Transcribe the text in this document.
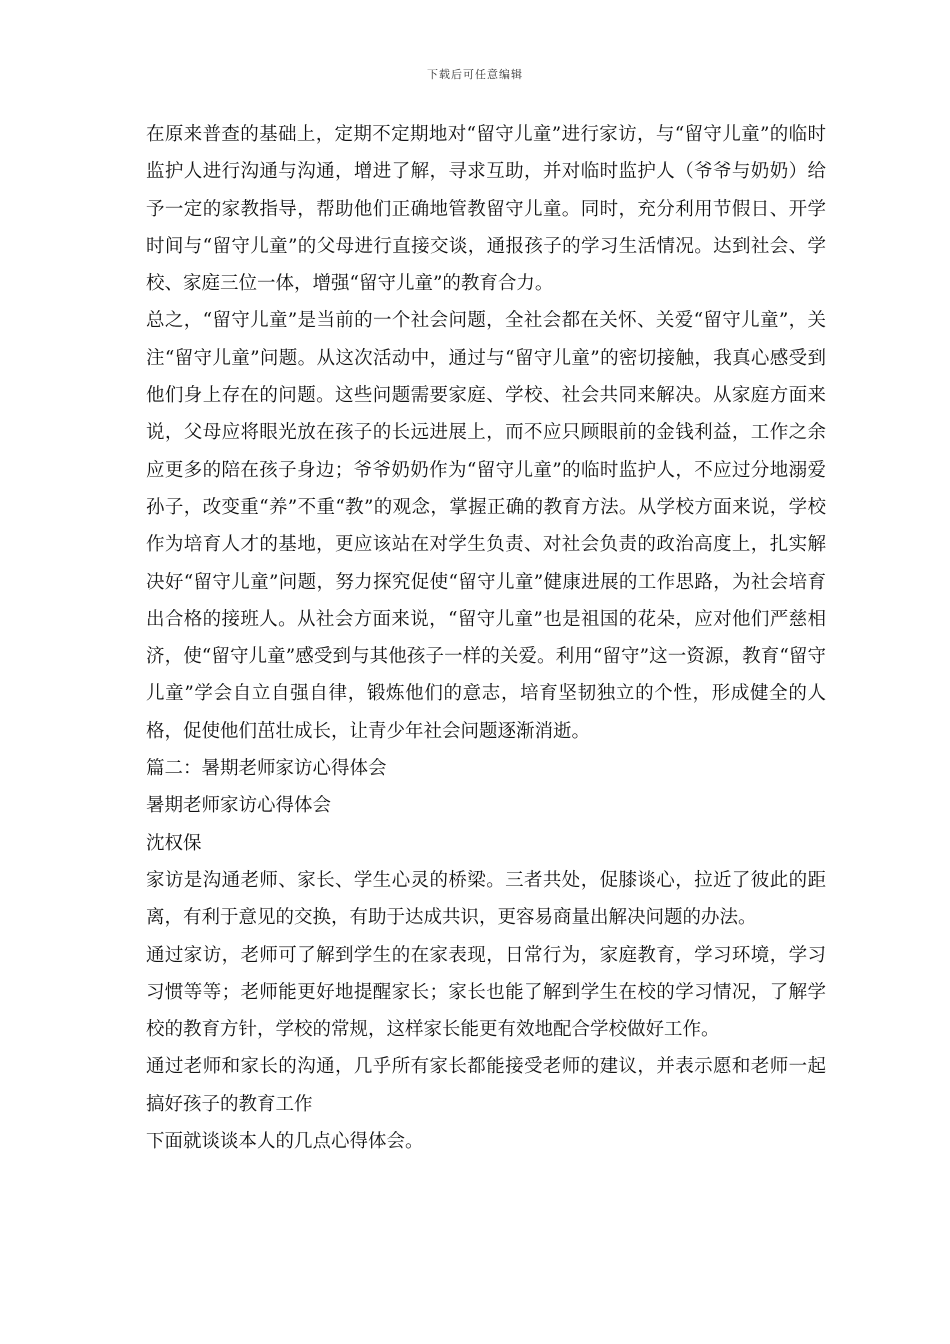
下载后可任意编辑

在原来普查的基础上，定期不定期地对“留守儿童”进行家访，与“留守儿童”的临时监护人进行沟通与沟通，增进了解，寻求互助，并对临时监护人（爷爷与奶奶）给予一定的家教指导，帮助他们正确地管教留守儿童。同时，充分利用节假日、开学时间与“留守儿童”的父母进行直接交谈，通报孩子的学习生活情况。达到社会、学校、家庭三位一体，增强“留守儿童”的教育合力。

总之，“留守儿童”是当前的一个社会问题，全社会都在关怀、关爱“留守儿童”，关注“留守儿童”问题。从这次活动中，通过与“留守儿童”的密切接触，我真心感受到他们身上存在的问题。这些问题需要家庭、学校、社会共同来解决。从家庭方面来说，父母应将眼光放在孩子的长远进展上，而不应只顾眼前的金钱利益，工作之余应更多的陪在孩子身边；爷爷奶奶作为“留守儿童”的临时监护人，不应过分地溺爱孙子，改变重“养”不重“教”的观念，掌握正确的教育方法。从学校方面来说，学校作为培育人才的基地，更应该站在对学生负责、对社会负责的政治高度上，扎实解决好“留守儿童”问题，努力探究促使“留守儿童”健康进展的工作思路，为社会培育出合格的接班人。从社会方面来说，“留守儿童”也是祖国的花朵，应对他们严慈相济，使“留守儿童”感受到与其他孩子一样的关爱。利用“留守”这一资源，教育“留守儿童”学会自立自强自律，锻炼他们的意志，培育坚韧独立的个性，形成健全的人格，促使他们茁壮成长，让青少年社会问题逐渐消逝。

篇二：暑期老师家访心得体会

暑期老师家访心得体会

沈权保

家访是沟通老师、家长、学生心灵的桥梁。三者共处，促膝谈心，拉近了彼此的距离，有利于意见的交换，有助于达成共识，更容易商量出解决问题的办法。

通过家访，老师可了解到学生的在家表现，日常行为，家庭教育，学习环境，学习习惯等等；老师能更好地提醒家长；家长也能了解到学生在校的学习情况，了解学校的教育方针，学校的常规，这样家长能更有效地配合学校做好工作。

通过老师和家长的沟通，几乎所有家长都能接受老师的建议，并表示愿和老师一起搞好孩子的教育工作

下面就谈谈本人的几点心得体会。
